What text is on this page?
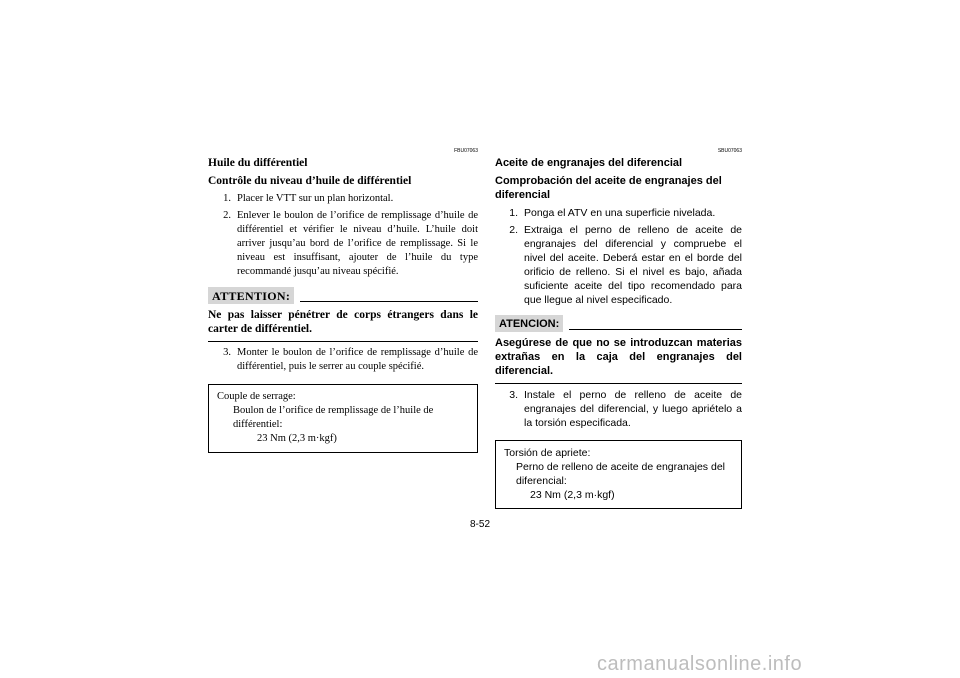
FBU07063
Huile du différentiel
Contrôle du niveau d’huile de différentiel
1. Placer le VTT sur un plan horizontal.
2. Enlever le boulon de l’orifice de remplissage d’huile de différentiel et vérifier le niveau d’huile. L’huile doit arriver jusqu’au bord de l’orifice de remplissage. Si le niveau est insuffisant, ajouter de l’huile du type recommandé jusqu’au niveau spécifié.
ATTENTION:
Ne pas laisser pénétrer de corps étrangers dans le carter de différentiel.
3. Monter le boulon de l’orifice de remplissage d’huile de différentiel, puis le serrer au couple spécifié.
Couple de serrage:
Boulon de l’orifice de remplissage de l’huile de différentiel:
23 Nm (2,3 m·kgf)
SBU07063
Aceite de engranajes del diferencial
Comprobación del aceite de engranajes del diferencial
1. Ponga el ATV en una superficie nivelada.
2. Extraiga el perno de relleno de aceite de engranajes del diferencial y compruebe el nivel del aceite. Deberá estar en el borde del orificio de relleno. Si el nivel es bajo, añada suficiente aceite del tipo recomendado para que llegue al nivel especificado.
ATENCION:
Asegúrese de que no se introduzcan materias extrañas en la caja del engranajes del diferencial.
3. Instale el perno de relleno de aceite de engranajes del diferencial, y luego apriételo a la torsión especificada.
Torsión de apriete:
Perno de relleno de aceite de engranajes del diferencial:
23 Nm (2,3 m·kgf)
8-52
carmanualsonline.info
